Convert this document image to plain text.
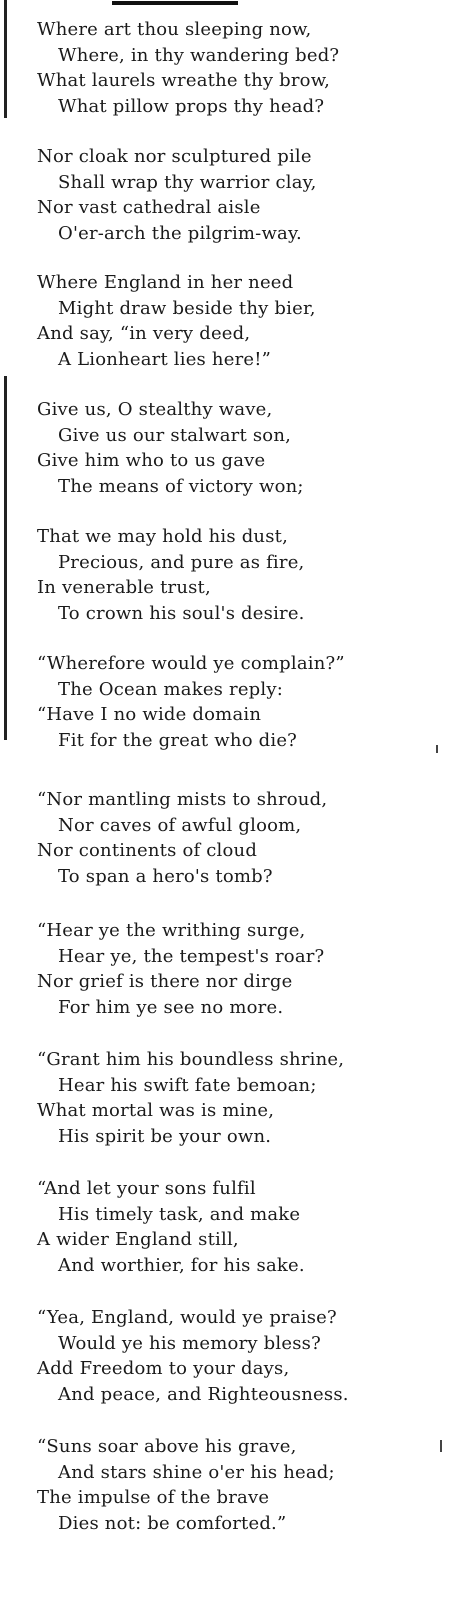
Where art thou sleeping now,
Where, in thy wandering bed?
What laurels wreathe thy brow,
What pillow props thy head?
Nor cloak nor sculptured pile
Shall wrap thy warrior clay,
Nor vast cathedral aisle
O'er-arch the pilgrim-way.
Where England in her need
Might draw beside thy bier,
And say, “in very deed,
A Lionheart lies here!”
Give us, O stealthy wave,
Give us our stalwart son,
Give him who to us gave
The means of victory won;
That we may hold his dust,
Precious, and pure as fire,
In venerable trust,
To crown his soul's desire.
“Wherefore would ye complain?”
The Ocean makes reply:
“Have I no wide domain
Fit for the great who die?
“Nor mantling mists to shroud,
Nor caves of awful gloom,
Nor continents of cloud
To span a hero's tomb?
“Hear ye the writhing surge,
Hear ye, the tempest's roar?
Nor grief is there nor dirge
For him ye see no more.
“Grant him his boundless shrine,
Hear his swift fate bemoan;
What mortal was is mine,
His spirit be your own.
“And let your sons fulfil
His timely task, and make
A wider England still,
And worthier, for his sake.
“Yea, England, would ye praise?
Would ye his memory bless?
Add Freedom to your days,
And peace, and Righteousness.
“Suns soar above his grave,
And stars shine o'er his head;
The impulse of the brave
Dies not: be comforted.”
